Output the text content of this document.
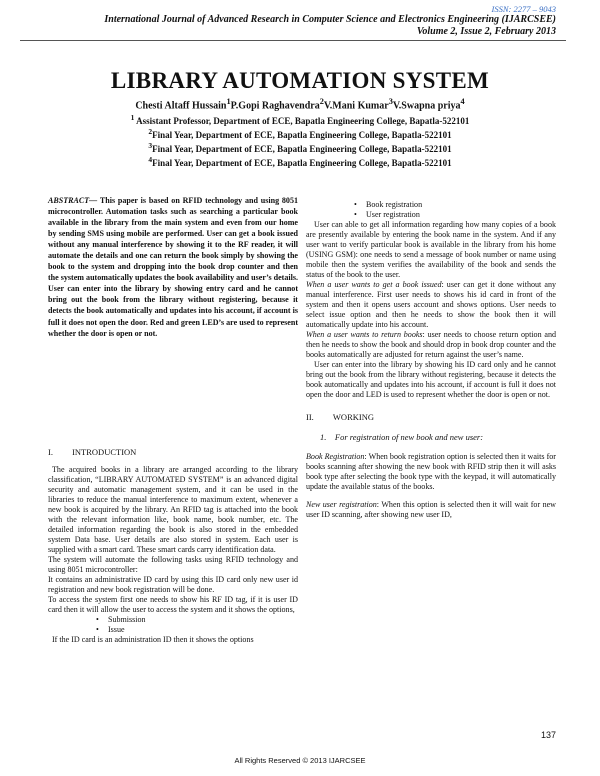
ISSN: 2277 – 9043
International Journal of Advanced Research in Computer Science and Electronics Engineering (IJARCSEE)
Volume 2, Issue 2, February 2013
LIBRARY AUTOMATION SYSTEM
Chesti Altaff Hussain$^1$P.Gopi Raghavendra$^2$V.Mani Kumar$^3$V.Swapna priya$^4$
$^1$ Assistant Professor, Department of ECE, Bapatla Engineering College, Bapatla-522101
$^2$Final Year, Department of ECE, Bapatla Engineering College, Bapatla-522101
$^3$Final Year, Department of ECE, Bapatla Engineering College, Bapatla-522101
$^4$Final Year, Department of ECE, Bapatla Engineering College, Bapatla-522101

ABSTRACT— This paper is based on RFID technology and using 8051 microcontroller. Automation tasks such as searching a particular book available in the library from the main system and even from our home by sending SMS using mobile are performed. User can get a book issued without any manual interference by showing it to the RF reader, it will automate the details and one can return the book simply by showing the book to the system and dropping into the book drop counter and then the system automatically updates the book availability and user’s details. User can enter into the library by showing entry card and he cannot bring out the book from the library without registering, because it detects the book automatically and updates into his account, if account is full it does not open the door. Red and green LED’s are used to represent whether the door is open or not.

I.         INTRODUCTION

The acquired books in a library are arranged according to the library classification, “LIBRARY AUTOMATED SYSTEM” is an advanced digital security and automatic management system, and it can be used in the libraries to reduce the manual interference to maximum extent, whenever a new book is acquired by the library. An RFID tag is attached into the book with the relevant information like, book name, book number, etc. The detailed information regarding the book is also stored in the embedded system Data base. User details are also stored in system. Each user is supplied with a smart card. These smart cards carry identification data.

The system will automate the following tasks using RFID technology and using 8051 microcontroller:

It contains an administrative ID card by using this ID card only new user id registration and new book registration will be done.

To access the system first one needs to show his RF ID tag, if it is user ID card then it will allow the user to access the system and it shows the options,

• Submission
• Issue

If the ID card is an administration ID then it shows the options

• Book registration
• User registration

User can able to get all information regarding how many copies of a book are presently available by entering the book name in the system. And if any user want to verify particular book is available in the library from his home (USING GSM): one needs to send a message of book number or name using mobile then the system verifies the availability of the book and sends the status of the book to the user.

When a user wants to get a book issued: user can get it done without any manual interference. First user needs to shows his id card in front of the system and then it opens users account and shows options. User needs to select issue option and then he needs to show the book then it will automatically update into his account.

When a user wants to return books: user needs to choose return option and then he needs to show the book and should drop in book drop counter and the books automatically are adjusted for return against the user’s name.

User can enter into the library by showing his ID card only and he cannot bring out the book from the library without registering, because it detects the book automatically and updates into his account, if account is full it does not open the door and LED is used to represent whether the door is open or not.

II.         WORKING

1.    For registration of new book and new user:

Book Registration: When book registration option is selected then it waits for books scanning after showing the new book with RFID strip then it will asks book type after selecting the book type with the keypad, it will automatically update the available status of the books.

New user registration: When this option is selected then it will wait for new user ID scanning, after showing new user ID,

137
All Rights Reserved © 2013 IJARCSEE
